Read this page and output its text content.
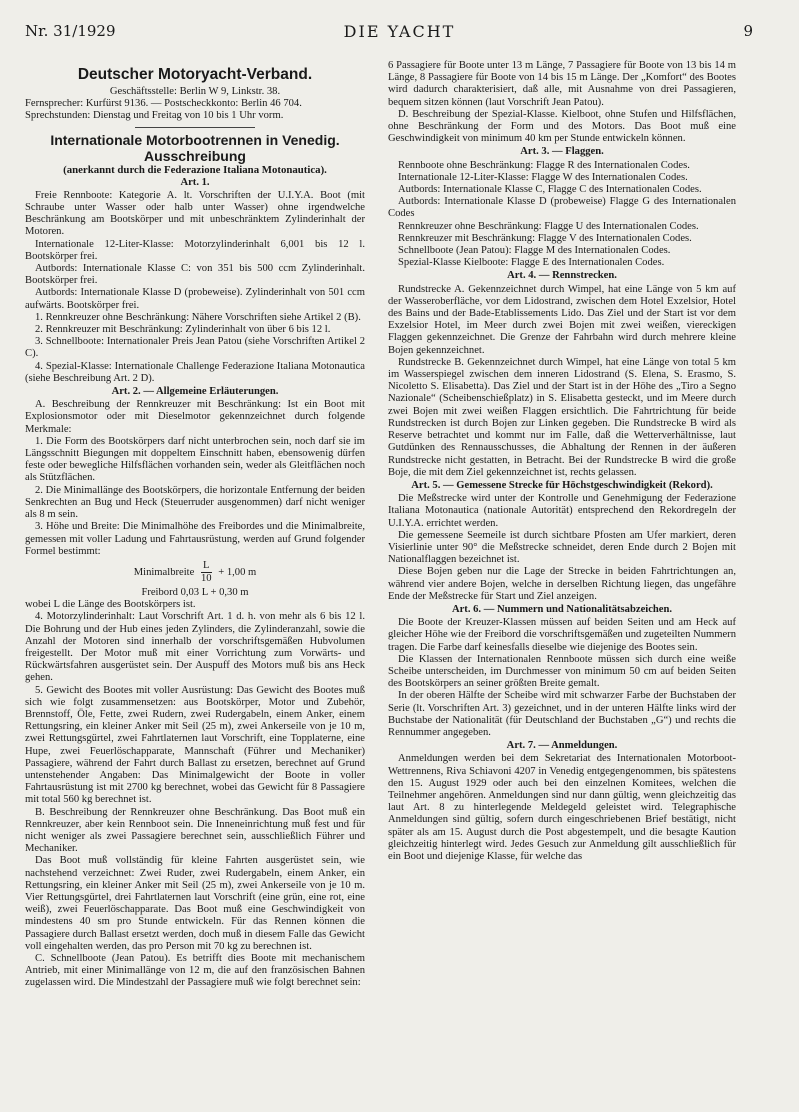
Nr. 31/1929	DIE YACHT	9
Deutscher Motoryacht-Verband.

Geschäftsstelle: Berlin W 9, Linkstr. 38.

Fernsprecher: Kurfürst 9136. — Postscheckkonto: Berlin 46 704.

Sprechstunden: Dienstag und Freitag von 10 bis 1 Uhr vorm.

Internationale Motorbootrennen in Venedig.
Ausschreibung
(anerkannt durch die Federazione Italiana Motonautica).
Art. 1.

Freie Rennboote: Kategorie A. lt. Vorschriften der U.I.Y.A. Boot (mit Schraube unter Wasser oder halb unter Wasser) ohne irgendwelche Beschränkung am Bootskörper und mit unbeschränktem Zylinderinhalt der Motoren.

Internationale 12-Liter-Klasse: Motorzylinderinhalt 6,001 bis 12 l. Bootskörper frei.

Autbords: Internationale Klasse C: von 351 bis 500 ccm Zylinderinhalt. Bootskörper frei.

Autbords: Internationale Klasse D (probeweise). Zylinderinhalt von 501 ccm aufwärts. Bootskörper frei.

1. Rennkreuzer ohne Beschränkung: Nähere Vorschriften siehe Artikel 2 (B).

2. Rennkreuzer mit Beschränkung: Zylinderinhalt von über 6 bis 12 l.

3. Schnellboote: Internationaler Preis Jean Patou (siehe Vorschriften Artikel 2 C).

4. Spezial-Klasse: Internationale Challenge Federazione Italiana Motonautica (siehe Beschreibung Art. 2 D).

Art. 2. — Allgemeine Erläuterungen.

A. Beschreibung der Rennkreuzer mit Beschränkung: Ist ein Boot mit Explosionsmotor oder mit Dieselmotor gekennzeichnet durch folgende Merkmale:

1. Die Form des Bootskörpers darf nicht unterbrochen sein, noch darf sie im Längsschnitt Biegungen mit doppeltem Einschnitt haben, ebensowenig dürfen feste oder bewegliche Hilfsflächen vorhanden sein, weder als Gleitflächen noch als Stützflächen.

2. Die Minimallänge des Bootskörpers, die horizontale Entfernung der beiden Senkrechten an Bug und Heck (Steuerruder ausgenommen) darf nicht weniger als 8 m sein.

3. Höhe und Breite: Die Minimalhöhe des Freibordes und die Minimalbreite, gemessen mit voller Ladung und Fahrtausrüstung, werden auf Grund folgender Formel bestimmt:

Minimalbreite $\frac{L}{10} + 1,00$ m
Freibord 0,03 L + 0,30 m

wobei L die Länge des Bootskörpers ist.

4. Motorzylinderinhalt: Laut Vorschrift Art. 1 d. h. von mehr als 6 bis 12 l. Die Bohrung und der Hub eines jeden Zylinders, die Zylinderanzahl, sowie die Anzahl der Motoren sind innerhalb der vorschriftsgemäßen Hubvolumen freigestellt. Der Motor muß mit einer Vorrichtung zum Vorwärts- und Rückwärtsfahren ausgerüstet sein. Der Auspuff des Motors muß bis ans Heck gehen.

5. Gewicht des Bootes mit voller Ausrüstung: Das Gewicht des Bootes muß sich wie folgt zusammensetzen: aus Bootskörper, Motor und Zubehör, Brennstoff, Öle, Fette, zwei Rudern, zwei Rudergabeln, einem Anker, einem Rettungsring, ein kleiner Anker mit Seil (25 m), zwei Ankerseile von je 10 m, zwei Rettungsgürtel, zwei Fahrtlaternen laut Vorschrift, eine Topplaterne, eine Hupe, zwei Feuerlöschapparate, Mannschaft (Führer und Mechaniker) Passagiere, während der Fahrt durch Ballast zu ersetzen, berechnet auf Grund untenstehender Angaben: Das Minimalgewicht der Boote in voller Fahrtausrüstung ist mit 2700 kg berechnet, wobei das Gewicht für 8 Passagiere mit total 560 kg berechnet ist.

B. Beschreibung der Rennkreuzer ohne Beschränkung. Das Boot muß ein Rennkreuzer, aber kein Rennboot sein. Die Inneneinrichtung muß fest und für nicht weniger als zwei Passagiere berechnet sein, ausschließlich Führer und Mechaniker.

Das Boot muß vollständig für kleine Fahrten ausgerüstet sein, wie nachstehend verzeichnet: Zwei Ruder, zwei Rudergabeln, einem Anker, ein Rettungsring, ein kleiner Anker mit Seil (25 m), zwei Ankerseile von je 10 m. Vier Rettungsgürtel, drei Fahrtlaternen laut Vorschrift (eine grün, eine rot, eine weiß), zwei Feuerlöschapparate. Das Boot muß eine Geschwindigkeit von mindestens 40 sm pro Stunde entwickeln. Für das Rennen können die Passagiere durch Ballast ersetzt werden, doch muß in diesem Falle das Gewicht voll eingehalten werden, das pro Person mit 70 kg zu berechnen ist.

C. Schnellboote (Jean Patou). Es betrifft dies Boote mit mechanischem Antrieb, mit einer Minimallänge von 12 m, die auf den französischen Bahnen zugelassen wird. Die Mindestzahl der Passagiere muß wie folgt berechnet sein:

6 Passagiere für Boote unter 13 m Länge, 7 Passagiere für Boote von 13 bis 14 m Länge, 8 Passagiere für Boote von 14 bis 15 m Länge. Der „Komfort“ des Bootes wird dadurch charakterisiert, daß alle, mit Ausnahme von drei Passagieren, bequem sitzen können (laut Vorschrift Jean Patou).

D. Beschreibung der Spezial-Klasse. Kielboot, ohne Stufen und Hilfsflächen, ohne Beschränkung der Form und des Motors. Das Boot muß eine Geschwindigkeit von minimum 40 km per Stunde entwickeln können.

Art. 3. — Flaggen.

Rennboote ohne Beschränkung: Flagge R des Internationalen Codes.

Internationale 12-Liter-Klasse: Flagge W des Internationalen Codes.

Autbords: Internationale Klasse C, Flagge C des Internationalen Codes.

Autbords: Internationale Klasse D (probeweise) Flagge G des Internationalen Codes

Rennkreuzer ohne Beschränkung: Flagge U des Internationalen Codes.

Rennkreuzer mit Beschränkung: Flagge V des Internationalen Codes.

Schnellboote (Jean Patou): Flagge M des Internationalen Codes.

Spezial-Klasse Kielboote: Flagge E des Internationalen Codes.

Art. 4. — Rennstrecken.

Rundstrecke A. Gekennzeichnet durch Wimpel, hat eine Länge von 5 km auf der Wasseroberfläche, vor dem Lidostrand, zwischen dem Hotel Exzelsior, Hotel des Bains und der Bade-Etablissements Lido. Das Ziel und der Start ist vor dem Exzelsior Hotel, im Meer durch zwei Bojen mit zwei weißen, viereckigen Flaggen gekennzeichnet. Die Grenze der Fahrbahn wird durch mehrere kleine Bojen gekennzeichnet.

Rundstrecke B. Gekennzeichnet durch Wimpel, hat eine Länge von total 5 km im Wasserspiegel zwischen dem inneren Lidostrand (S. Elena, S. Erasmo, S. Nicoletto S. Elisabetta). Das Ziel und der Start ist in der Höhe des „Tiro a Segno Nazionale“ (Scheibenschießplatz) in S. Elisabetta gesteckt, und im Meere durch zwei Bojen mit zwei weißen Flaggen ersichtlich. Die Fahrtrichtung für beide Rundstrecken ist durch Bojen zur Linken gegeben. Die Rundstrecke B wird als Reserve betrachtet und kommt nur im Falle, daß die Wetterverhältnisse, laut Gutdünken des Rennausschusses, die Abhaltung der Rennen in der äußeren Rundstrecke nicht gestatten, in Betracht. Bei der Rundstrecke B wird die große Boje, die mit dem Ziel gekennzeichnet ist, rechts gelassen.

Art. 5. — Gemessene Strecke für Höchstgeschwindigkeit (Rekord).

Die Meßstrecke wird unter der Kontrolle und Genehmigung der Federazione Italiana Motonautica (nationale Autorität) entsprechend den Rekordregeln der U.I.Y.A. errichtet werden.

Die gemessene Seemeile ist durch sichtbare Pfosten am Ufer markiert, deren Visierlinie unter 90° die Meßstrecke schneidet, deren Ende durch 2 Bojen mit Nationalflaggen bezeichnet ist.

Diese Bojen geben nur die Lage der Strecke in beiden Fahrtrichtungen an, während vier andere Bojen, welche in derselben Richtung liegen, das ungefähre Ende der Meßstrecke für Start und Ziel anzeigen.

Art. 6. — Nummern und Nationalitätsabzeichen.

Die Boote der Kreuzer-Klassen müssen auf beiden Seiten und am Heck auf gleicher Höhe wie der Freibord die vorschriftsgemäßen und zugeteilten Nummern tragen. Die Farbe darf keinesfalls dieselbe wie diejenige des Bootes sein.

Die Klassen der Internationalen Rennboote müssen sich durch eine weiße Scheibe unterscheiden, im Durchmesser von minimum 50 cm auf beiden Seiten des Bootskörpers an seiner größten Breite gemalt.

In der oberen Hälfte der Scheibe wird mit schwarzer Farbe der Buchstaben der Serie (lt. Vorschriften Art. 3) gezeichnet, und in der unteren Hälfte links wird der Buchstabe der Nationalität (für Deutschland der Buchstaben „G“) und rechts die Rennummer angegeben.

Art. 7. — Anmeldungen.

Anmeldungen werden bei dem Sekretariat des Internationalen Motorboot-Wettrennens, Riva Schiavoni 4207 in Venedig entgegengenommen, bis spätestens den 15. August 1929 oder auch bei den einzelnen Komitees, welchen die Teilnehmer angehören. Anmeldungen sind nur dann gültig, wenn gleichzeitig das laut Art. 8 zu hinterlegende Meldegeld geleistet wird. Telegraphische Anmeldungen sind gültig, sofern durch eingeschriebenen Brief bestätigt, nicht später als am 15. August durch die Post abgestempelt, und die besagte Kaution gleichzeitig hinterlegt wird. Jedes Gesuch zur Anmeldung gilt ausschließlich für ein Boot und diejenige Klasse, für welche das
